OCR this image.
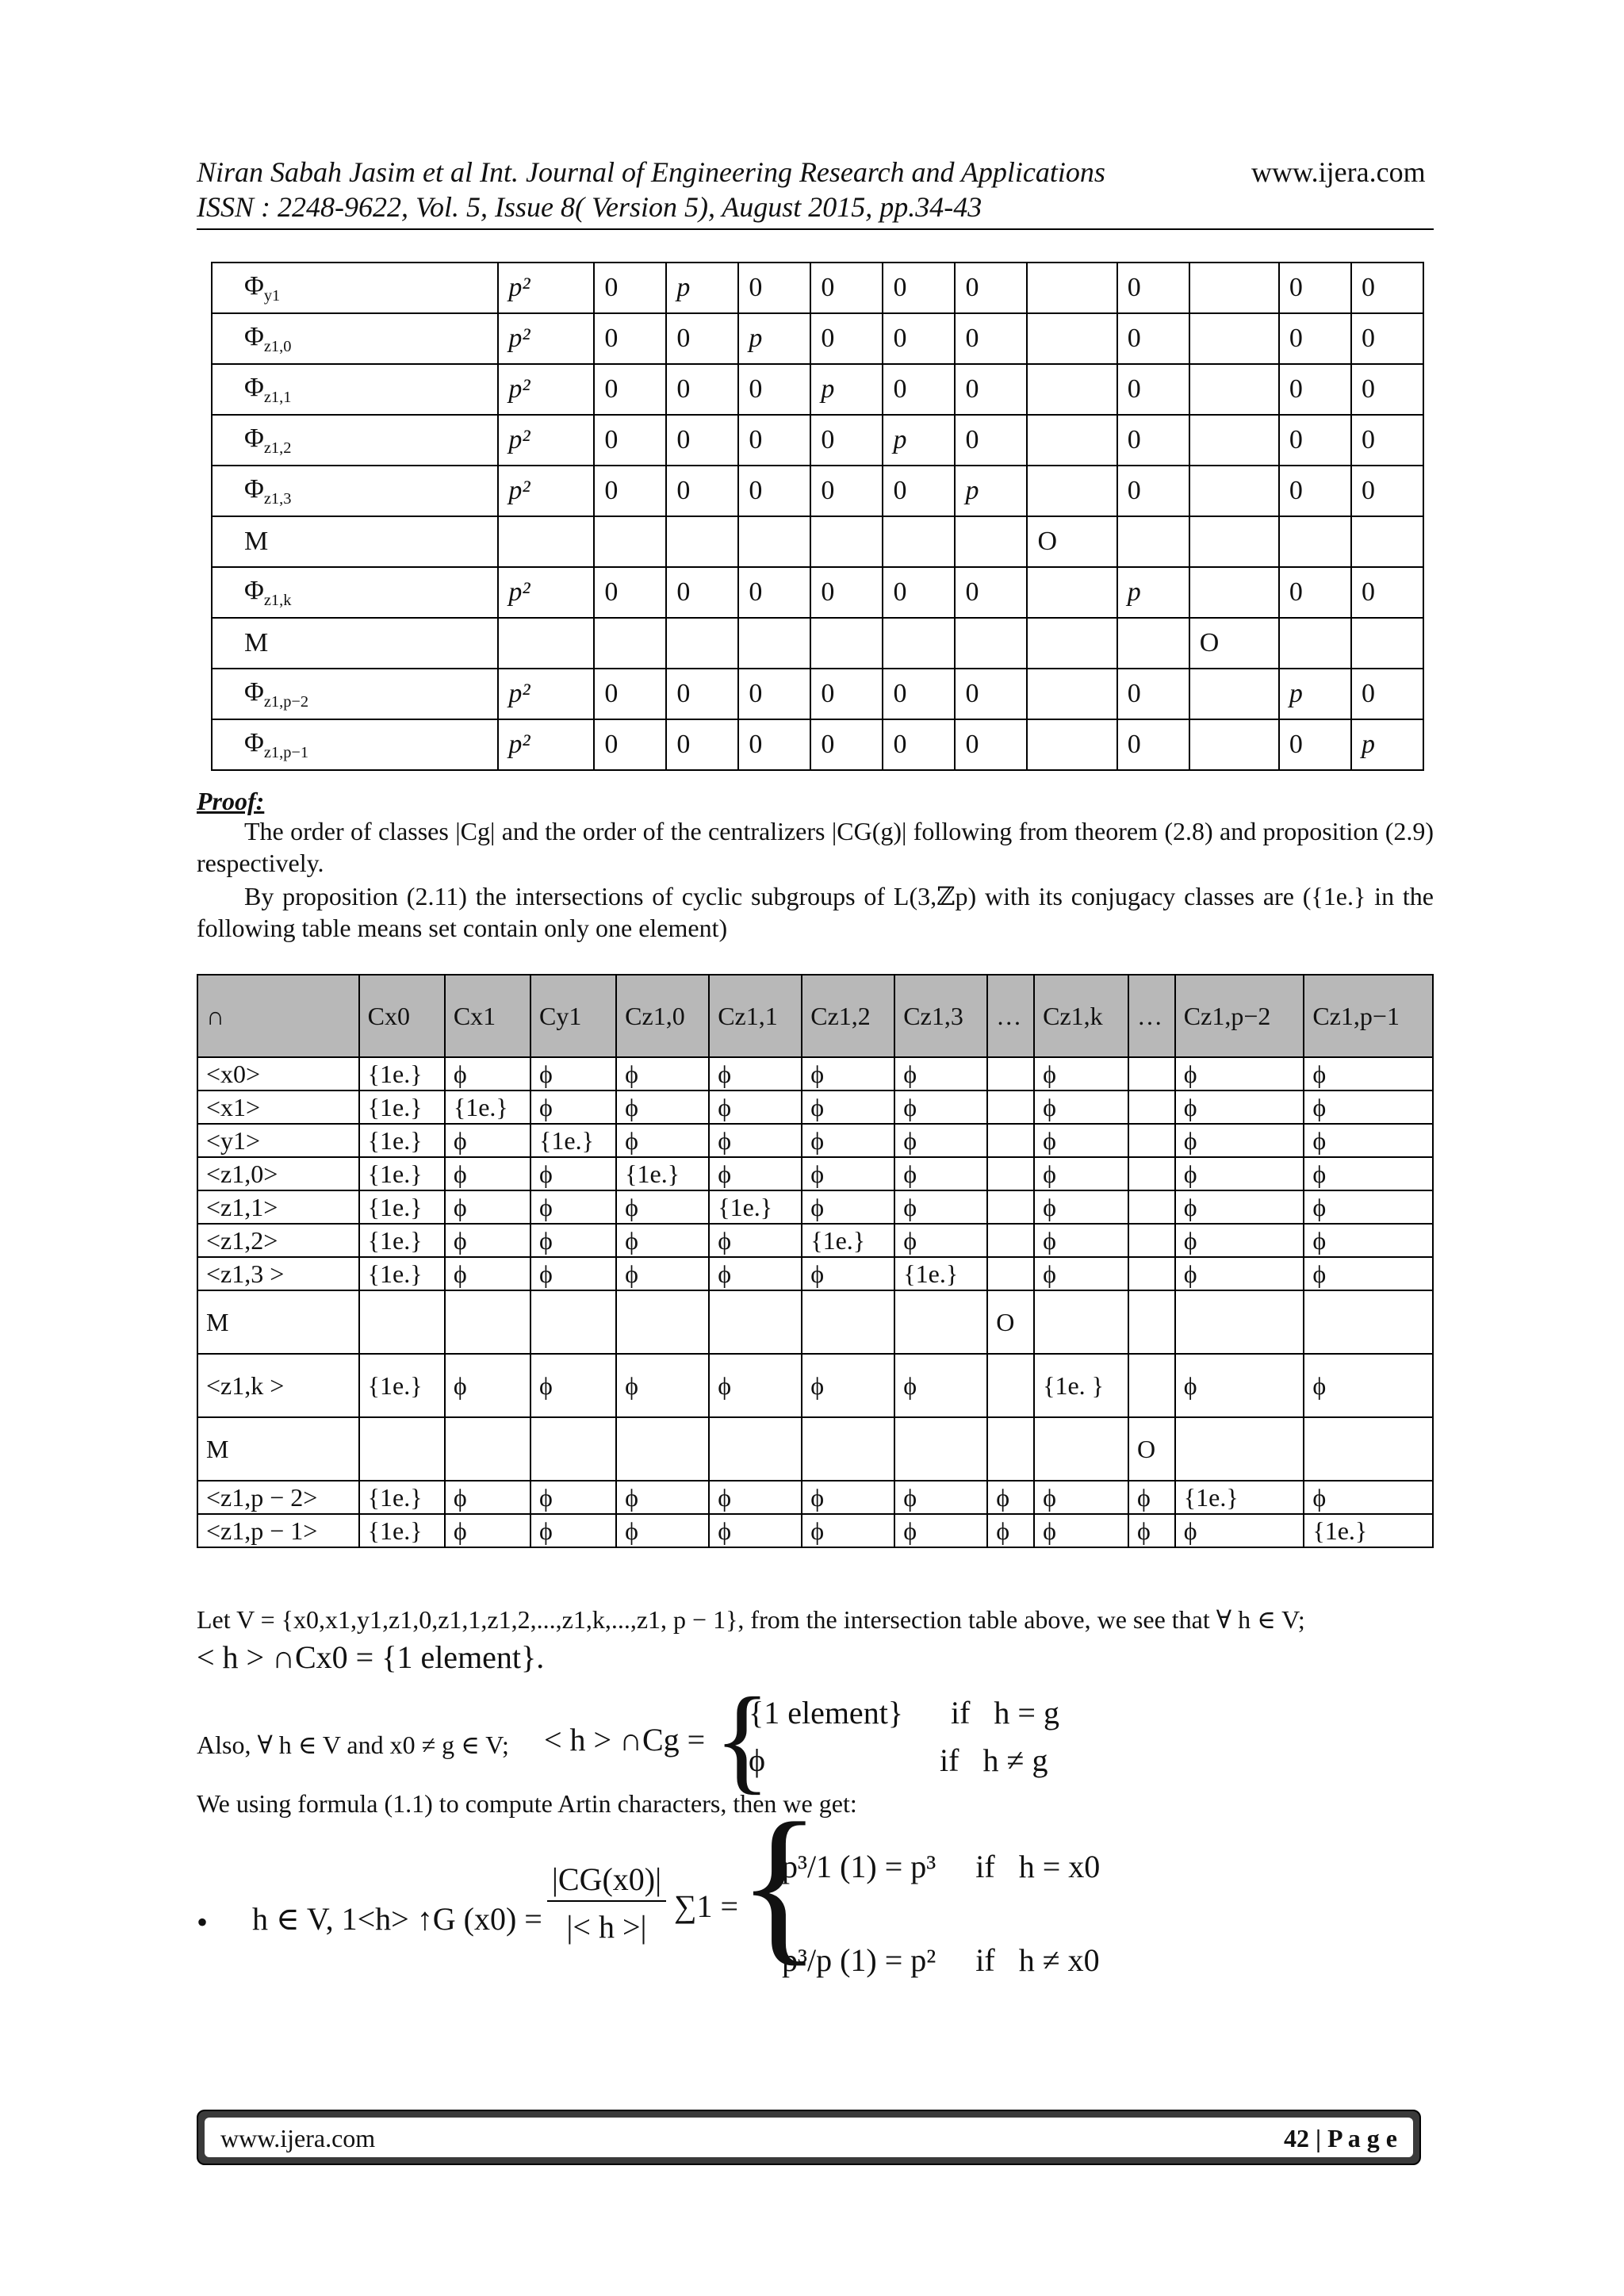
Niran Sabah Jasim et al Int. Journal of Engineering Research and Applications	www.ijera.com
ISSN : 2248-9622, Vol. 5, Issue 8( Version 5), August 2015, pp.34-43
$\Phi_{y1}$	p²	0	p	0	0	0	0		0		0	0
$\Phi_{z1,0}$	p²	0	0	p	0	0	0		0		0	0
$\Phi_{z1,1}$	p²	0	0	0	p	0	0		0		0	0
$\Phi_{z1,2}$	p²	0	0	0	0	p	0		0		0	0
$\Phi_{z1,3}$	p²	0	0	0	0	0	p		0		0	0
M								O				
$\Phi_{z1,k}$	p²	0	0	0	0	0	0		p		0	0
M										O		
$\Phi_{z1,p-2}$	p²	0	0	0	0	0	0		0		p	0
$\Phi_{z1,p-1}$	p²	0	0	0	0	0	0		0		0	p
Proof:
The order of classes |Cg| and the order of the centralizers |CG(g)| following from theorem (2.8) and proposition (2.9) respectively.
By proposition (2.11) the intersections of cyclic subgroups of L(3,ℤp) with its conjugacy classes are ({1e.} in the following table means set contain only one element)
∩	Cx0	Cx1	Cy1	Cz1,0	Cz1,1	Cz1,2	Cz1,3	…	Cz1,k	…	Cz1,p−2	Cz1,p−1
<x0>	{1e.}	ϕ	ϕ	ϕ	ϕ	ϕ	ϕ		ϕ		ϕ	ϕ
<x1>	{1e.}	{1e.}	ϕ	ϕ	ϕ	ϕ	ϕ		ϕ		ϕ	ϕ
<y1>	{1e.}	ϕ	{1e.}	ϕ	ϕ	ϕ	ϕ		ϕ		ϕ	ϕ
<z1,0>	{1e.}	ϕ	ϕ	{1e.}	ϕ	ϕ	ϕ		ϕ		ϕ	ϕ
<z1,1>	{1e.}	ϕ	ϕ	ϕ	{1e.}	ϕ	ϕ		ϕ		ϕ	ϕ
<z1,2>	{1e.}	ϕ	ϕ	ϕ	ϕ	{1e.}	ϕ		ϕ		ϕ	ϕ
<z1,3 >	{1e.}	ϕ	ϕ	ϕ	ϕ	ϕ	{1e.}		ϕ		ϕ	ϕ
M								O				
<z1,k >	{1e.}	ϕ	ϕ	ϕ	ϕ	ϕ	ϕ		{1e. }		ϕ	ϕ
M										O		
<z1,p − 2>	{1e.}	ϕ	ϕ	ϕ	ϕ	ϕ	ϕ	ϕ	ϕ	ϕ	{1e.}	ϕ
<z1,p − 1>	{1e.}	ϕ	ϕ	ϕ	ϕ	ϕ	ϕ	ϕ	ϕ	ϕ	ϕ	{1e.}
Let V = {x0,x1,y1,z1,0,z1,1,z1,2,...,z1,k,...,z1, p − 1}, from the intersection table above, we see that ∀ h ∈ V;
< h > ∩Cx0 = {1 element}.
Also, ∀ h ∈ V and x0 ≠ g ∈ V; < h > ∩Cg = {
{1 element}      if   h = g
ϕ                      if   h ≠ g
We using formula (1.1) to compute Artin characters, then we get:
• h ∈ V, 1<h> ↑G (x0) =
|CG(x0)|
|< h >|
∑1 =
{
p³/1 (1) = p³     if   h = x0
p³/p (1) = p²     if   h ≠ x0
www.ijera.com	42 | P a g e
